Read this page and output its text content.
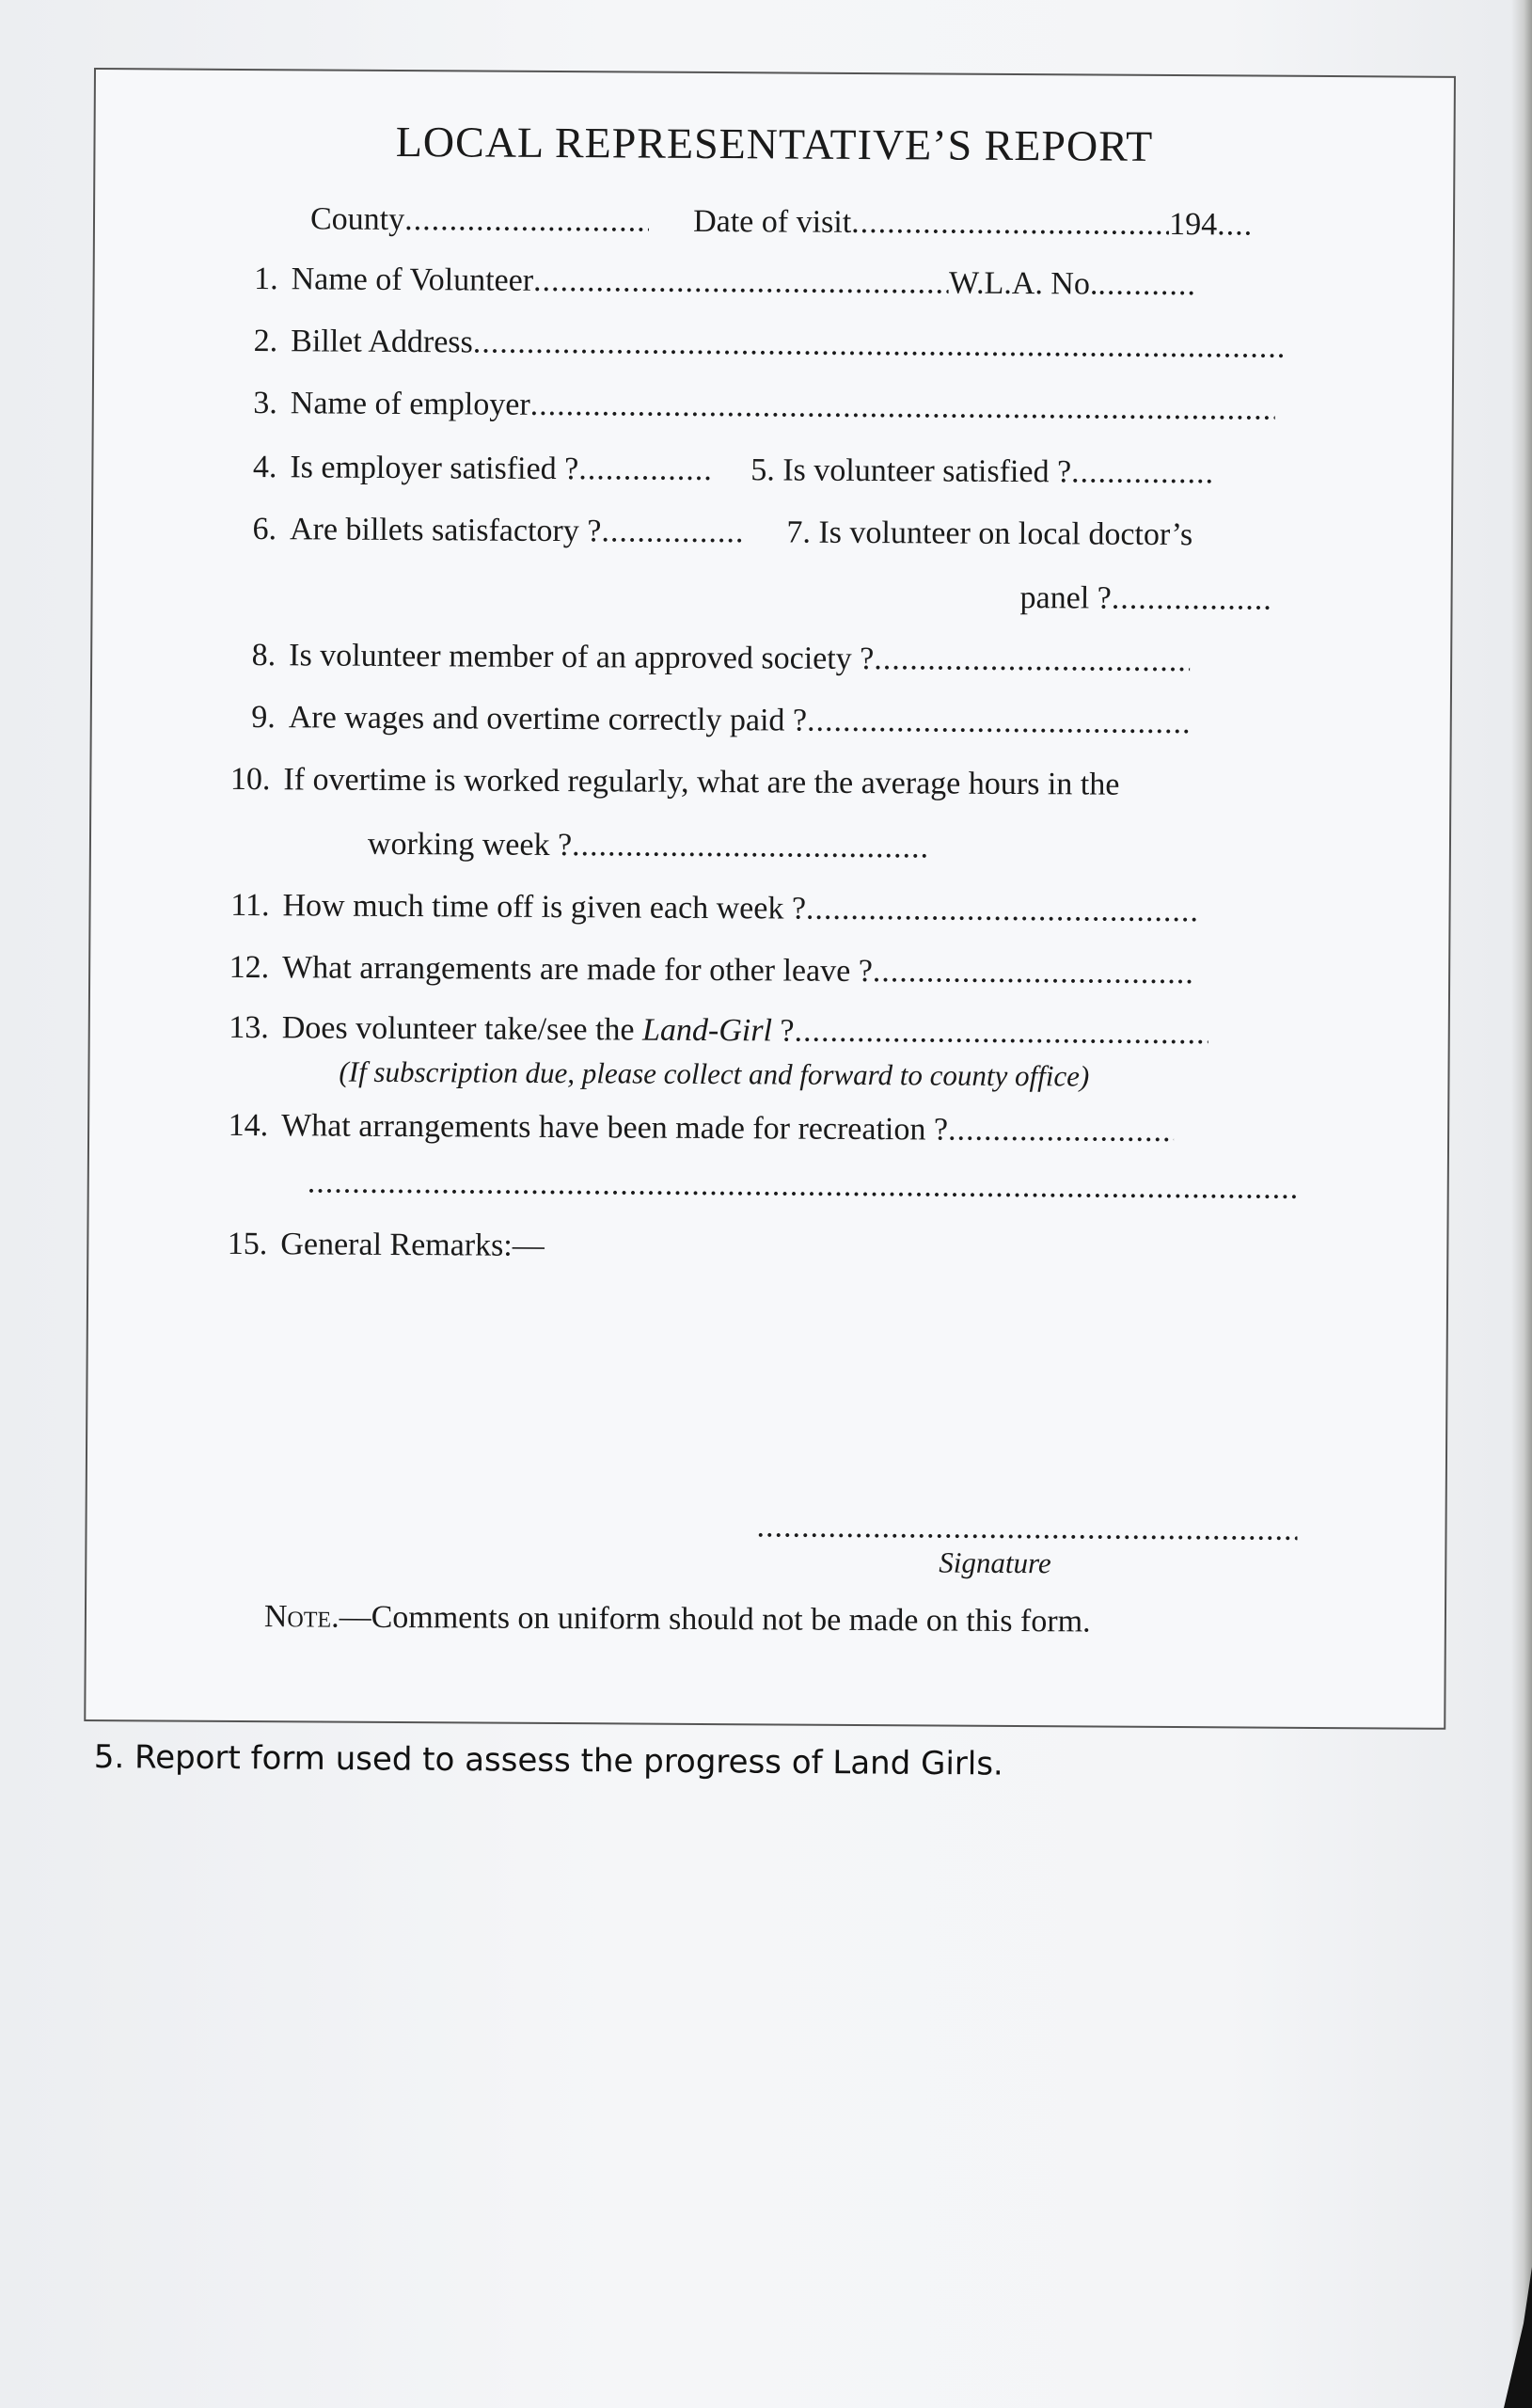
LOCAL REPRESENTATIVE’S REPORT
County .....	Date of visit .....	194.....
1. Name of Volunteer .....	W.L.A. No......
2. Billet Address.....
3. Name of employer.....
4. Is employer satisfied ? .....	5. Is volunteer satisfied ?.....
6. Are billets satisfactory ? .....	7. Is volunteer on local doctor’s
panel ?.....
8. Is volunteer member of an approved society ?.....
9. Are wages and overtime correctly paid ?.....
10. If overtime is worked regularly, what are the average hours in the
working week ?.....
11. How much time off is given each week ?.....
12. What arrangements are made for other leave ?.....
13. Does volunteer take/see the Land-Girl ?.....
(If subscription due, please collect and forward to county office)
14. What arrangements have been made for recreation ?.....
.....
15. General Remarks:—
.....
Signature
Note.—Comments on uniform should not be made on this form.
5. Report form used to assess the progress of Land Girls.
